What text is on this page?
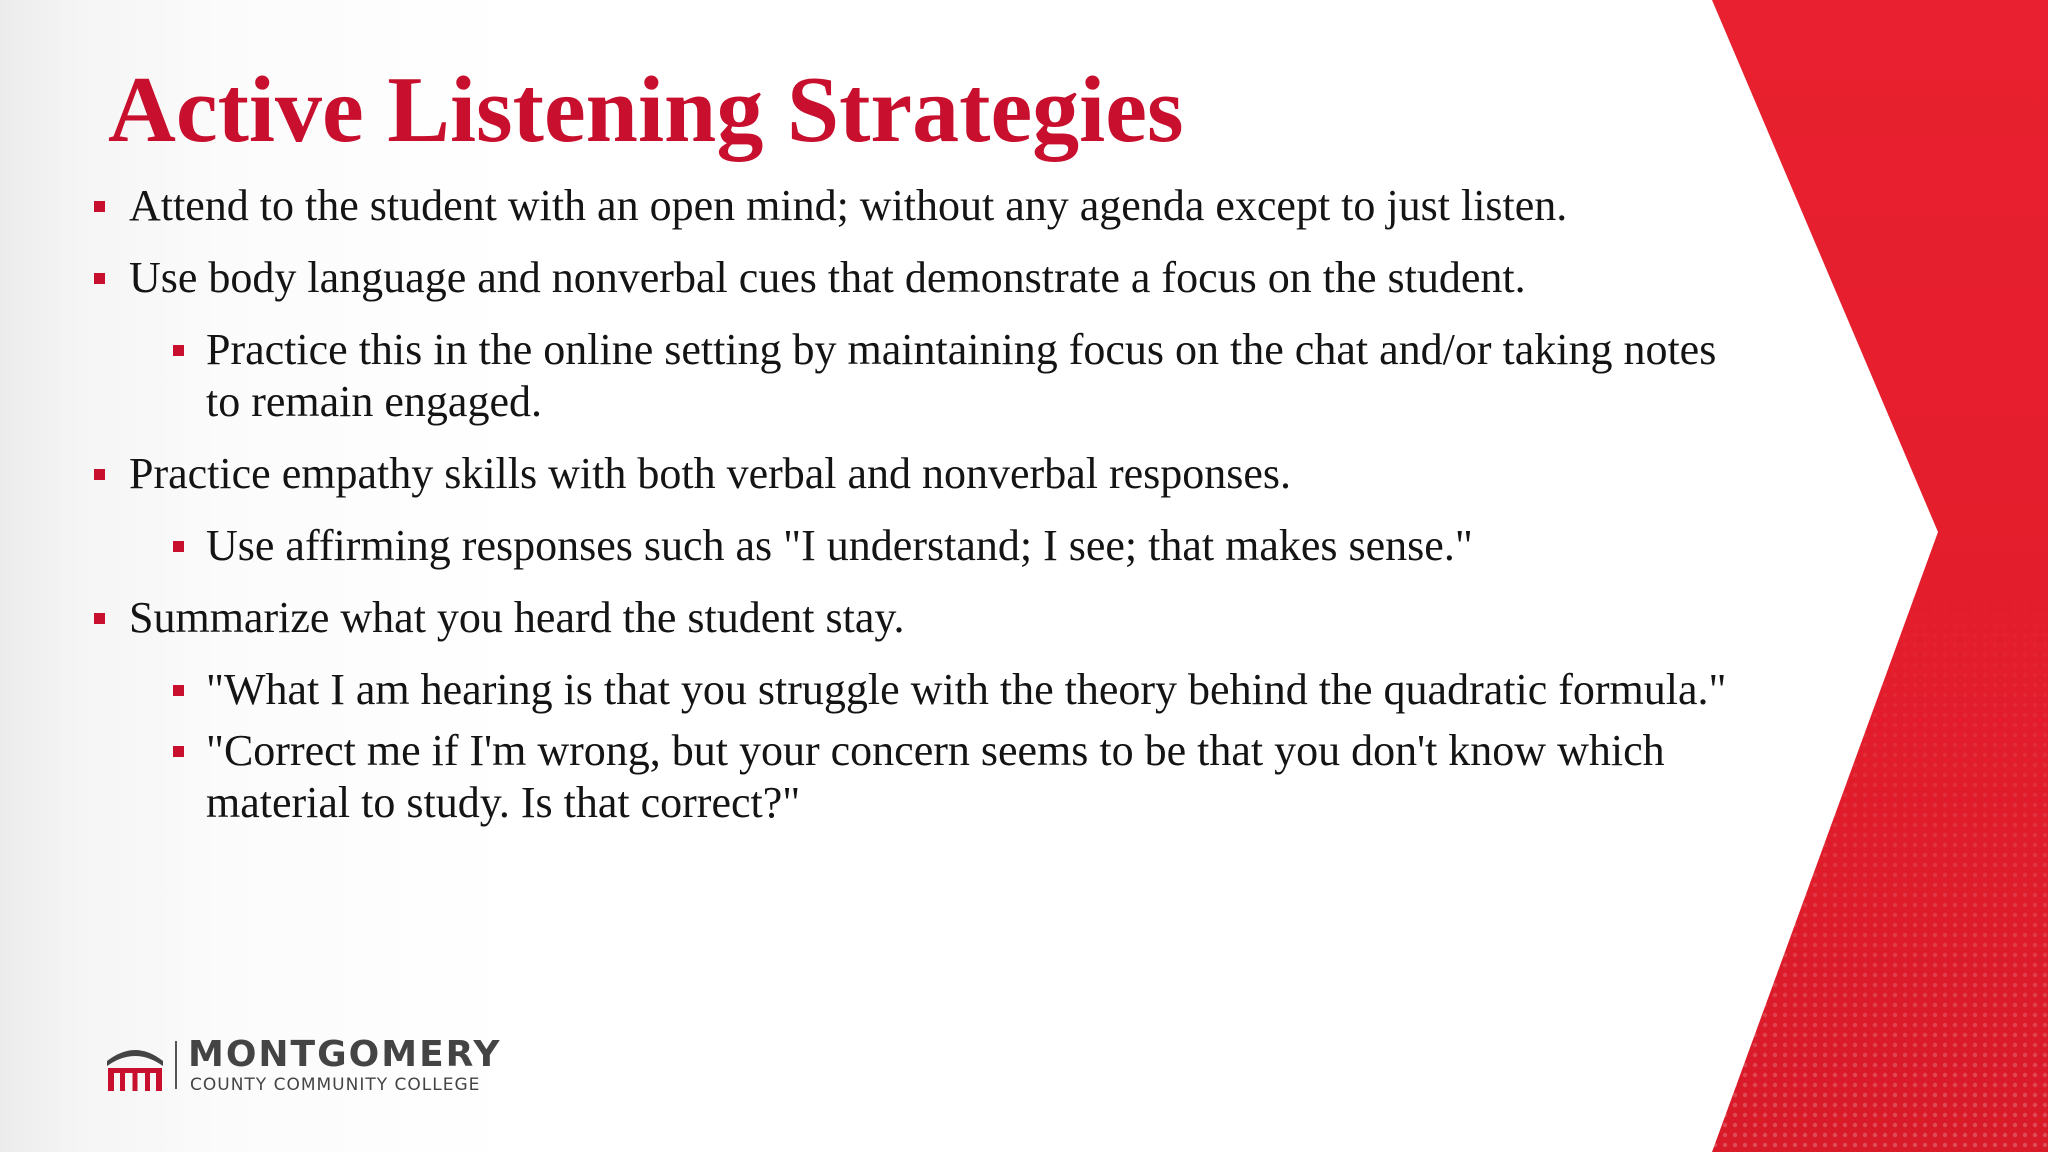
Active Listening Strategies
Attend to the student with an open mind; without any agenda except to just listen.
Use body language and nonverbal cues that demonstrate a focus on the student.
Practice this in the online setting by maintaining focus on the chat and/or taking notes to remain engaged.
Practice empathy skills with both verbal and nonverbal responses.
Use affirming responses such as "I understand; I see; that makes sense."
Summarize what you heard the student stay.
"What I am hearing is that you struggle with the theory behind the quadratic formula."
"Correct me if I'm wrong, but your concern seems to be that you don't know which material to study. Is that correct?"
MONTGOMERY
COUNTY COMMUNITY COLLEGE
